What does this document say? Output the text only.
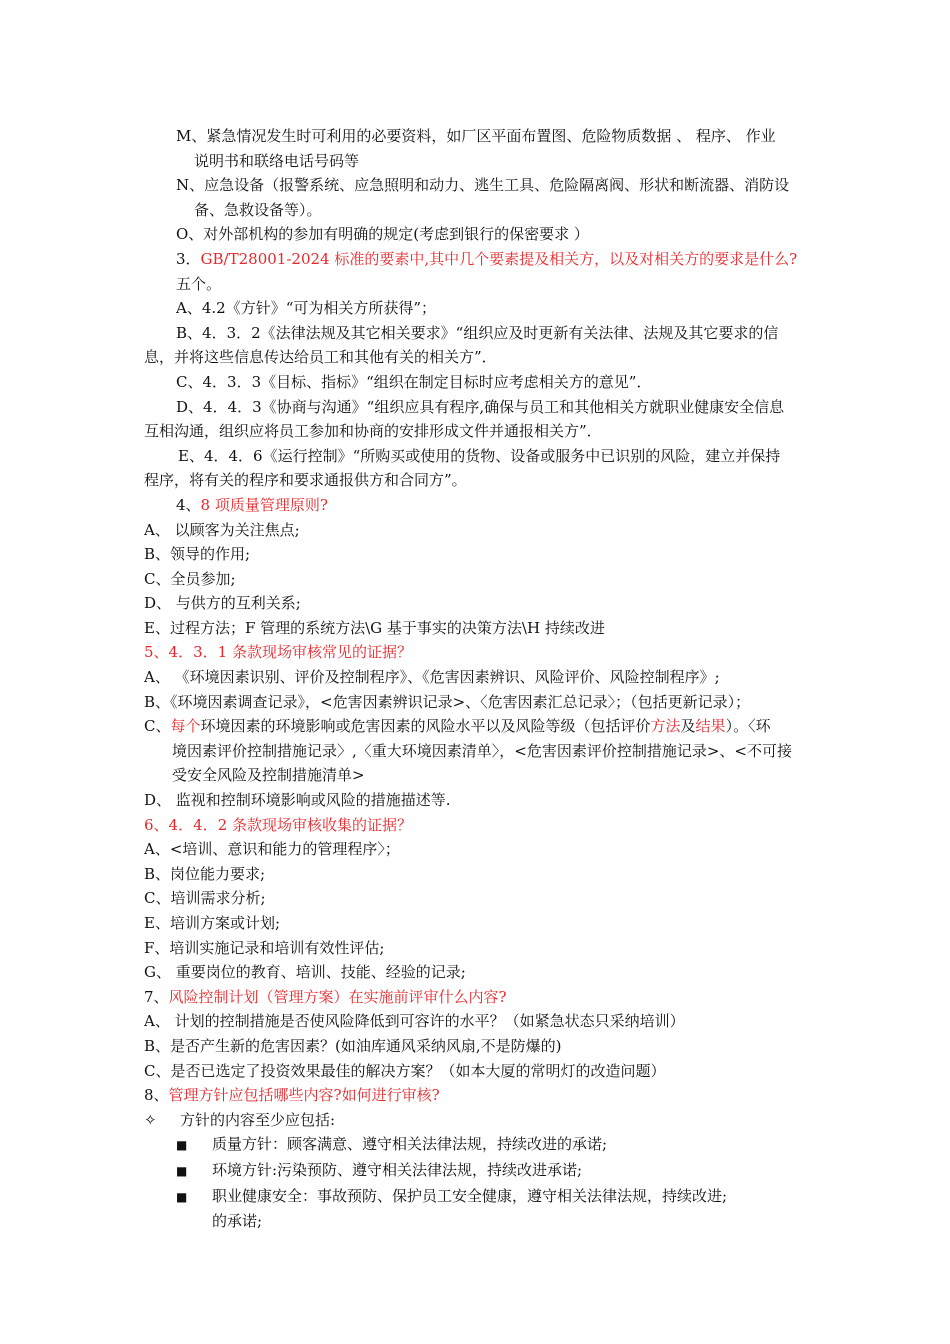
M、紧急情况发生时可利用的必要资料，如厂区平面布置图、危险物质数据 、 程序、 作业
说明书和联络电话号码等
N、应急设备（报警系统、应急照明和动力、逃生工具、危险隔离阀、形状和断流器、消防设
备、急救设备等）。
O、对外部机构的参加有明确的规定(考虑到银行的保密要求 ）
3．GB/T28001-2024 标准的要素中,其中几个要素提及相关方，以及对相关方的要求是什么?
五个。
A、4.2《方针》“可为相关方所获得”；
B、4．3．2《法律法规及其它相关要求》“组织应及时更新有关法律、法规及其它要求的信
息，并将这些信息传达给员工和其他有关的相关方”．
C、4．3．3《目标、指标》“组织在制定目标时应考虑相关方的意见”．
D、4．4．3《协商与沟通》“组织应具有程序,确保与员工和其他相关方就职业健康安全信息
互相沟通，组织应将员工参加和协商的安排形成文件并通报相关方”．
E、4．4．6《运行控制》“所购买或使用的货物、设备或服务中已识别的风险，建立并保持
程序，将有关的程序和要求通报供方和合同方”。
4、8 项质量管理原则?
A、 以顾客为关注焦点;
B、领导的作用;
C、全员参加;
D、 与供方的互利关系;
E、过程方法；F 管理的系统方法\G 基于事实的决策方法\H 持续改进
5、4．3．1 条款现场审核常见的证据？
A、 《环境因素识别、评价及控制程序》、《危害因素辨识、风险评价、风险控制程序》;
B、《环境因素调查记录》，<危害因素辨识记录>、〈危害因素汇总记录〉；（包括更新记录）；
C、每个环境因素的环境影响或危害因素的风险水平以及风险等级（包括评价方法及结果）。〈环
境因素评价控制措施记录〉,〈重大环境因素清单〉，<危害因素评价控制措施记录>、<不可接
受安全风险及控制措施清单>
D、 监视和控制环境影响或风险的措施描述等.
6、4．4．2 条款现场审核收集的证据？
A、<培训、意识和能力的管理程序〉；
B、岗位能力要求;
C、培训需求分析;
E、培训方案或计划;
F、培训实施记录和培训有效性评估;
G、 重要岗位的教育、培训、技能、经验的记录;
7、风险控制计划（管理方案）在实施前评审什么内容?
A、 计划的控制措施是否使风险降低到可容许的水平？（如紧急状态只采纳培训）
B、是否产生新的危害因素？(如油库通风采纳风扇,不是防爆的)
C、是否已选定了投资效果最佳的解决方案？（如本大厦的常明灯的改造问题）
8、管理方针应包括哪些内容?如何进行审核?
✧ 方针的内容至少应包括:
■ 质量方针：顾客满意、遵守相关法律法规，持续改进的承诺;
■ 环境方针:污染预防、遵守相关法律法规，持续改进承诺;
■ 职业健康安全：事故预防、保护员工安全健康，遵守相关法律法规，持续改进;
的承诺;
